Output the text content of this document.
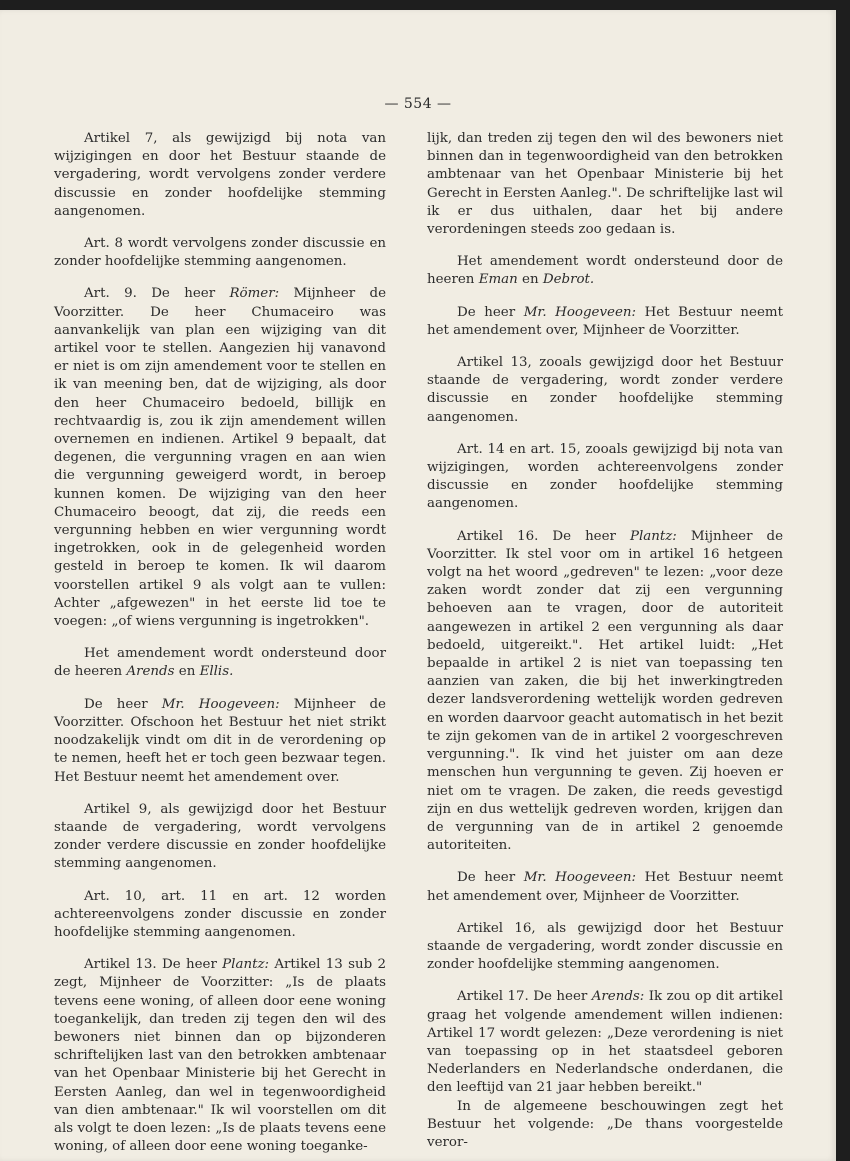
— 554 —

Artikel 7, als gewijzigd bij nota van wijzigingen en door het Bestuur staande de vergadering, wordt vervolgens zonder verdere discussie en zonder hoofdelijke stemming aangenomen.

Art. 8 wordt vervolgens zonder discussie en zonder hoofdelijke stemming aangenomen.

Art. 9. De heer Römer: Mijnheer de Voorzitter. De heer Chumaceiro was aanvankelijk van plan een wijziging van dit artikel voor te stellen. Aangezien hij vanavond er niet is om zijn amendement voor te stellen en ik van meening ben, dat de wijziging, als door den heer Chumaceiro bedoeld, billijk en rechtvaardig is, zou ik zijn amendement willen overnemen en indienen. Artikel 9 bepaalt, dat degenen, die vergunning vragen en aan wien die vergunning geweigerd wordt, in beroep kunnen komen. De wijziging van den heer Chumaceiro beoogt, dat zij, die reeds een vergunning hebben en wier vergunning wordt ingetrokken, ook in de gelegenheid worden gesteld in beroep te komen. Ik wil daarom voorstellen artikel 9 als volgt aan te vullen: Achter „afgewezen" in het eerste lid toe te voegen: „of wiens vergunning is ingetrokken".

Het amendement wordt ondersteund door de heeren Arends en Ellis.

De heer Mr. Hoogeveen: Mijnheer de Voorzitter. Ofschoon het Bestuur het niet strikt noodzakelijk vindt om dit in de verordening op te nemen, heeft het er toch geen bezwaar tegen. Het Bestuur neemt het amendement over.

Artikel 9, als gewijzigd door het Bestuur staande de vergadering, wordt vervolgens zonder verdere discussie en zonder hoofdelijke stemming aangenomen.

Art. 10, art. 11 en art. 12 worden achtereenvolgens zonder discussie en zonder hoofdelijke stemming aangenomen.

Artikel 13. De heer Plantz: Artikel 13 sub 2 zegt, Mijnheer de Voorzitter: „Is de plaats tevens eene woning, of alleen door eene woning toegankelijk, dan treden zij tegen den wil des bewoners niet binnen dan op bijzonderen schriftelijken last van den betrokken ambtenaar van het Openbaar Ministerie bij het Gerecht in Eersten Aanleg, dan wel in tegenwoordigheid van dien ambtenaar." Ik wil voorstellen om dit als volgt te doen lezen: „Is de plaats tevens eene woning, of alleen door eene woning toeganke-

lijk, dan treden zij tegen den wil des bewoners niet binnen dan in tegenwoordigheid van den betrokken ambtenaar van het Openbaar Ministerie bij het Gerecht in Eersten Aanleg.". De schriftelijke last wil ik er dus uithalen, daar het bij andere verordeningen steeds zoo gedaan is.

Het amendement wordt ondersteund door de heeren Eman en Debrot.

De heer Mr. Hoogeveen: Het Bestuur neemt het amendement over, Mijnheer de Voorzitter.

Artikel 13, zooals gewijzigd door het Bestuur staande de vergadering, wordt zonder verdere discussie en zonder hoofdelijke stemming aangenomen.

Art. 14 en art. 15, zooals gewijzigd bij nota van wijzigingen, worden achtereenvolgens zonder discussie en zonder hoofdelijke stemming aangenomen.

Artikel 16. De heer Plantz: Mijnheer de Voorzitter. Ik stel voor om in artikel 16 hetgeen volgt na het woord „gedreven" te lezen: „voor deze zaken wordt zonder dat zij een vergunning behoeven aan te vragen, door de autoriteit aangewezen in artikel 2 een vergunning als daar bedoeld, uitgereikt.". Het artikel luidt: „Het bepaalde in artikel 2 is niet van toepassing ten aanzien van zaken, die bij het inwerkingtreden dezer landsverordening wettelijk worden gedreven en worden daarvoor geacht automatisch in het bezit te zijn gekomen van de in artikel 2 voorgeschreven vergunning.". Ik vind het juister om aan deze menschen hun vergunning te geven. Zij hoeven er niet om te vragen. De zaken, die reeds gevestigd zijn en dus wettelijk gedreven worden, krijgen dan de vergunning van de in artikel 2 genoemde autoriteiten.

De heer Mr. Hoogeveen: Het Bestuur neemt het amendement over, Mijnheer de Voorzitter.

Artikel 16, als gewijzigd door het Bestuur staande de vergadering, wordt zonder discussie en zonder hoofdelijke stemming aangenomen.

Artikel 17. De heer Arends: Ik zou op dit artikel graag het volgende amendement willen indienen: Artikel 17 wordt gelezen: „Deze verordening is niet van toepassing op in het staatsdeel geboren Nederlanders en Nederlandsche onderdanen, die den leeftijd van 21 jaar hebben bereikt."

In de algemeene beschouwingen zegt het Bestuur het volgende: „De thans voorgestelde veror-
